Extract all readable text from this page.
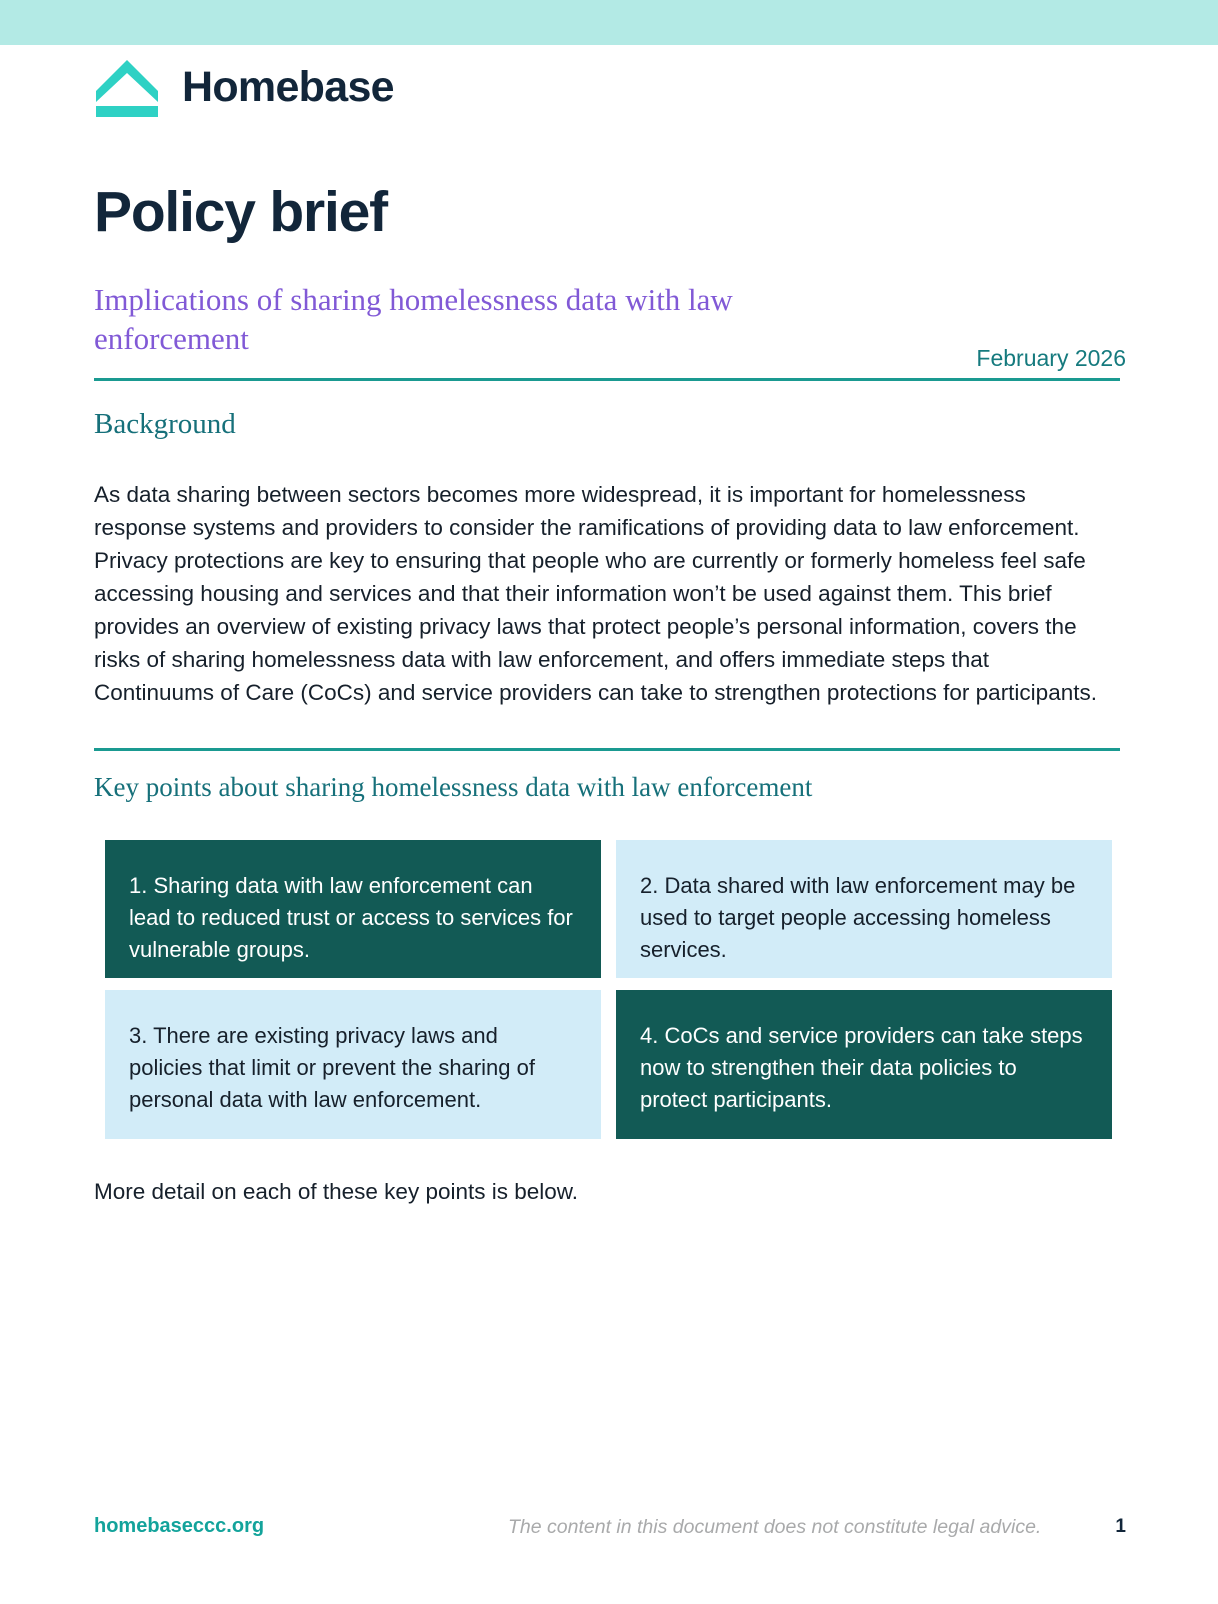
Homebase
Policy brief
Implications of sharing homelessness data with law enforcement
February 2026
Background
As data sharing between sectors becomes more widespread, it is important for homelessness response systems and providers to consider the ramifications of providing data to law enforcement. Privacy protections are key to ensuring that people who are currently or formerly homeless feel safe accessing housing and services and that their information won’t be used against them. This brief provides an overview of existing privacy laws that protect people’s personal information, covers the risks of sharing homelessness data with law enforcement, and offers immediate steps that Continuums of Care (CoCs) and service providers can take to strengthen protections for participants.
Key points about sharing homelessness data with law enforcement
1. Sharing data with law enforcement can lead to reduced trust or access to services for vulnerable groups.
2. Data shared with law enforcement may be used to target people accessing homeless services.
3. There are existing privacy laws and policies that limit or prevent the sharing of personal data with law enforcement.
4. CoCs and service providers can take steps now to strengthen their data policies to protect participants.
More detail on each of these key points is below.
homebaseccc.org	The content in this document does not constitute legal advice.	1
